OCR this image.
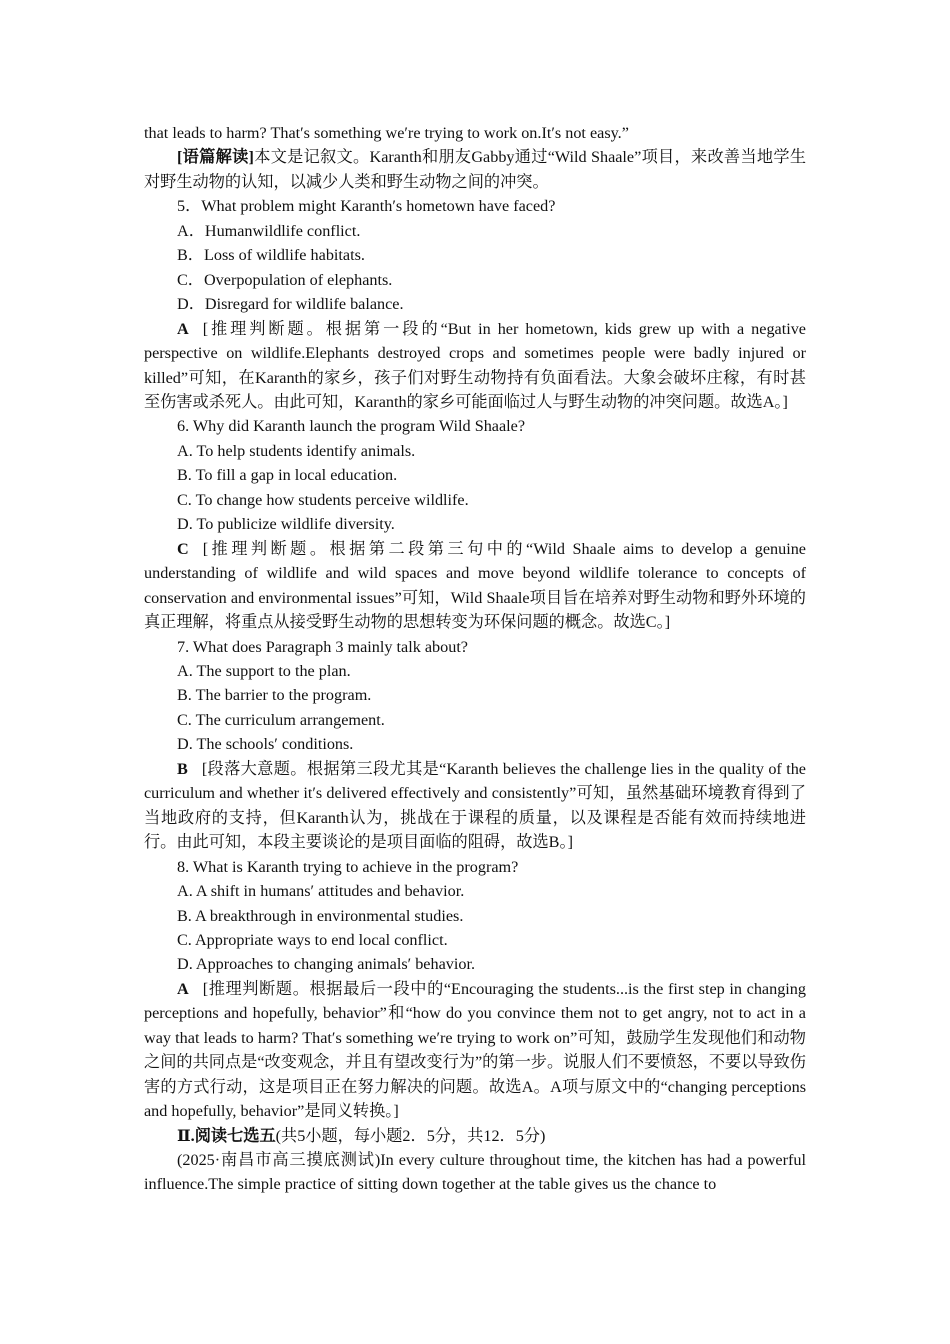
that leads to harm? That′s something we′re trying to work on.It′s not easy.”

[语篇解读]本文是记叙文。Karanth和朋友Gabby通过“Wild Shaale”项目，来改善当地学生对野生动物的认知，以减少人类和野生动物之间的冲突。

5．What problem might Karanth′s hometown have faced?

A．Humanwildlife conflict.

B．Loss of wildlife habitats.

C．Overpopulation of elephants.

D．Disregard for wildlife balance.

A [推理判断题。根据第一段的“But in her hometown, kids grew up with a negative perspective on wildlife.Elephants destroyed crops and sometimes people were badly injured or killed”可知，在Karanth的家乡，孩子们对野生动物持有负面看法。大象会破坏庄稼，有时甚至伤害或杀死人。由此可知，Karanth的家乡可能面临过人与野生动物的冲突问题。故选A。]

6. Why did Karanth launch the program Wild Shaale?

A. To help students identify animals.

B. To fill a gap in local education.

C. To change how students perceive wildlife.

D. To publicize wildlife diversity.

C [推理判断题。根据第二段第三句中的“Wild Shaale aims to develop a genuine understanding of wildlife and wild spaces and move beyond wildlife tolerance to concepts of conservation and environmental issues”可知，Wild Shaale项目旨在培养对野生动物和野外环境的真正理解，将重点从接受野生动物的思想转变为环保问题的概念。故选C。]

7. What does Paragraph 3 mainly talk about?

A. The support to the plan.

B. The barrier to the program.

C. The curriculum arrangement.

D. The schools′ conditions.

B [段落大意题。根据第三段尤其是“Karanth believes the challenge lies in the quality of the curriculum and whether it′s delivered effectively and consistently”可知，虽然基础环境教育得到了当地政府的支持，但Karanth认为，挑战在于课程的质量，以及课程是否能有效而持续地进行。由此可知，本段主要谈论的是项目面临的阻碍，故选B。]

8. What is Karanth trying to achieve in the program?

A. A shift in humans′ attitudes and behavior.

B. A breakthrough in environmental studies.

C. Appropriate ways to end local conflict.

D. Approaches to changing animals′ behavior.

A [推理判断题。根据最后一段中的“Encouraging the students...is the first step in changing perceptions and hopefully, behavior”和“how do you convince them not to get angry, not to act in a way that leads to harm? That′s something we′re trying to work on”可知，鼓励学生发现他们和动物之间的共同点是“改变观念，并且有望改变行为”的第一步。说服人们不要愤怒，不要以导致伤害的方式行动，这是项目正在努力解决的问题。故选A。A项与原文中的“changing perceptions and hopefully, behavior”是同义转换。]

Ⅱ.阅读七选五(共5小题，每小题2．5分，共12．5分)

(2025·南昌市高三摸底测试)In every culture throughout time, the kitchen has had a powerful influence.The simple practice of sitting down together at the table gives us the chance to
